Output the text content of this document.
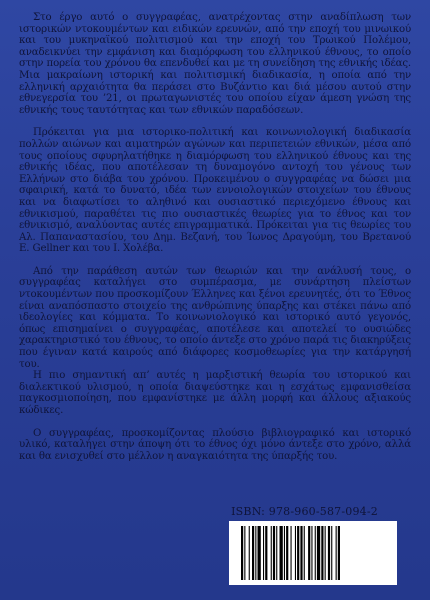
Στο έργο αυτό ο συγγραφέας, ανατρέχοντας στην αναδίπλωση των ιστορικών ντοκουμέντων και ειδικών ερευνών, από την εποχή του μινωικού και του μυκηναϊκού πολιτισμού και την εποχή του Τρωικού Πολέμου, αναδεικνύει την εμφάνιση και διαμόρφωση του ελληνικού έθνους, το οποίο στην πορεία του χρόνου θα επενδυθεί και με τη συνείδηση της εθνικής ιδέας. Μια μακραίωνη ιστορική και πολιτισμική διαδικασία, η οποία από την ελληνική αρχαιότητα θα περάσει στο Βυζάντιο και διά μέσου αυτού στην εθνεγερσία του ’21, οι πρωταγωνιστές του οποίου είχαν άμεση γνώση της εθνικής τους ταυτότητας και των εθνικών παραδόσεων.

Πρόκειται για μια ιστορικο-πολιτική και κοινωνιολογική διαδικασία πολλών αιώνων και αιματηρών αγώνων και περιπετειών εθνικών, μέσα από τους οποίους σφυρηλατήθηκε η διαμόρφωση του ελληνικού έθνους και της εθνικής ιδέας, που αποτέλεσαν τη δυναμογόνο αντοχή του γένους των Ελλήνων στο διάβα του χρόνου. Προκειμένου ο συγγραφέας να δώσει μια σφαιρική, κατά το δυνατό, ιδέα των εννοιολογικών στοιχείων του έθνους και να διαφωτίσει το αληθινό και ουσιαστικό περιεχόμενο έθνους και εθνικισμού, παραθέτει τις πιο ουσιαστικές θεωρίες για το έθνος και τον εθνικισμό, αναλύοντας αυτές επιγραμματικά. Πρόκειται για τις θεωρίες του Αλ. Παπαναστασίου, του Δημ. Βεζανή, του Ίωνος Δραγούμη, του Βρετανού E. Gellner και του Ι. Χολέβα.

Από την παράθεση αυτών των θεωριών και την ανάλυσή τους, ο συγγραφέας καταλήγει στο συμπέρασμα, με συνάρτηση πλείστων ντοκουμέντων που προσκομίζουν Έλληνες και ξένοι ερευνητές, ότι το Έθνος είναι αναπόσπαστο στοιχείο της ανθρώπινης ύπαρξης και στέκει πάνω από ιδεολογίες και κόμματα. Το κοινωνιολογικό και ιστορικό αυτό γεγονός, όπως επισημαίνει ο συγγραφέας, αποτέλεσε και αποτελεί το ουσιώδες χαρακτηριστικό του έθνους, το οποίο άντεξε στο χρόνο παρά τις διακηρύξεις που έγιναν κατά καιρούς από διάφορες κοσμοθεωρίες για την κατάργησή του.

Η πιο σημαντική απ’ αυτές η μαρξιστική θεωρία του ιστορικού και διαλεκτικού υλισμού, η οποία διαψεύστηκε και η εσχάτως εμφανισθείσα παγκοσμιοποίηση, που εμφανίστηκε με άλλη μορφή και άλλους αξιακούς κώδικες.

Ο συγγραφέας, προσκομίζοντας πλούσιο βιβλιογραφικό και ιστορικό υλικό, καταλήγει στην άποψη ότι το έθνος όχι μόνο άντεξε στο χρόνο, αλλά και θα ενισχυθεί στο μέλλον η αναγκαιότητα της ύπαρξής του.

ISBN: 978-960-587-094-2
